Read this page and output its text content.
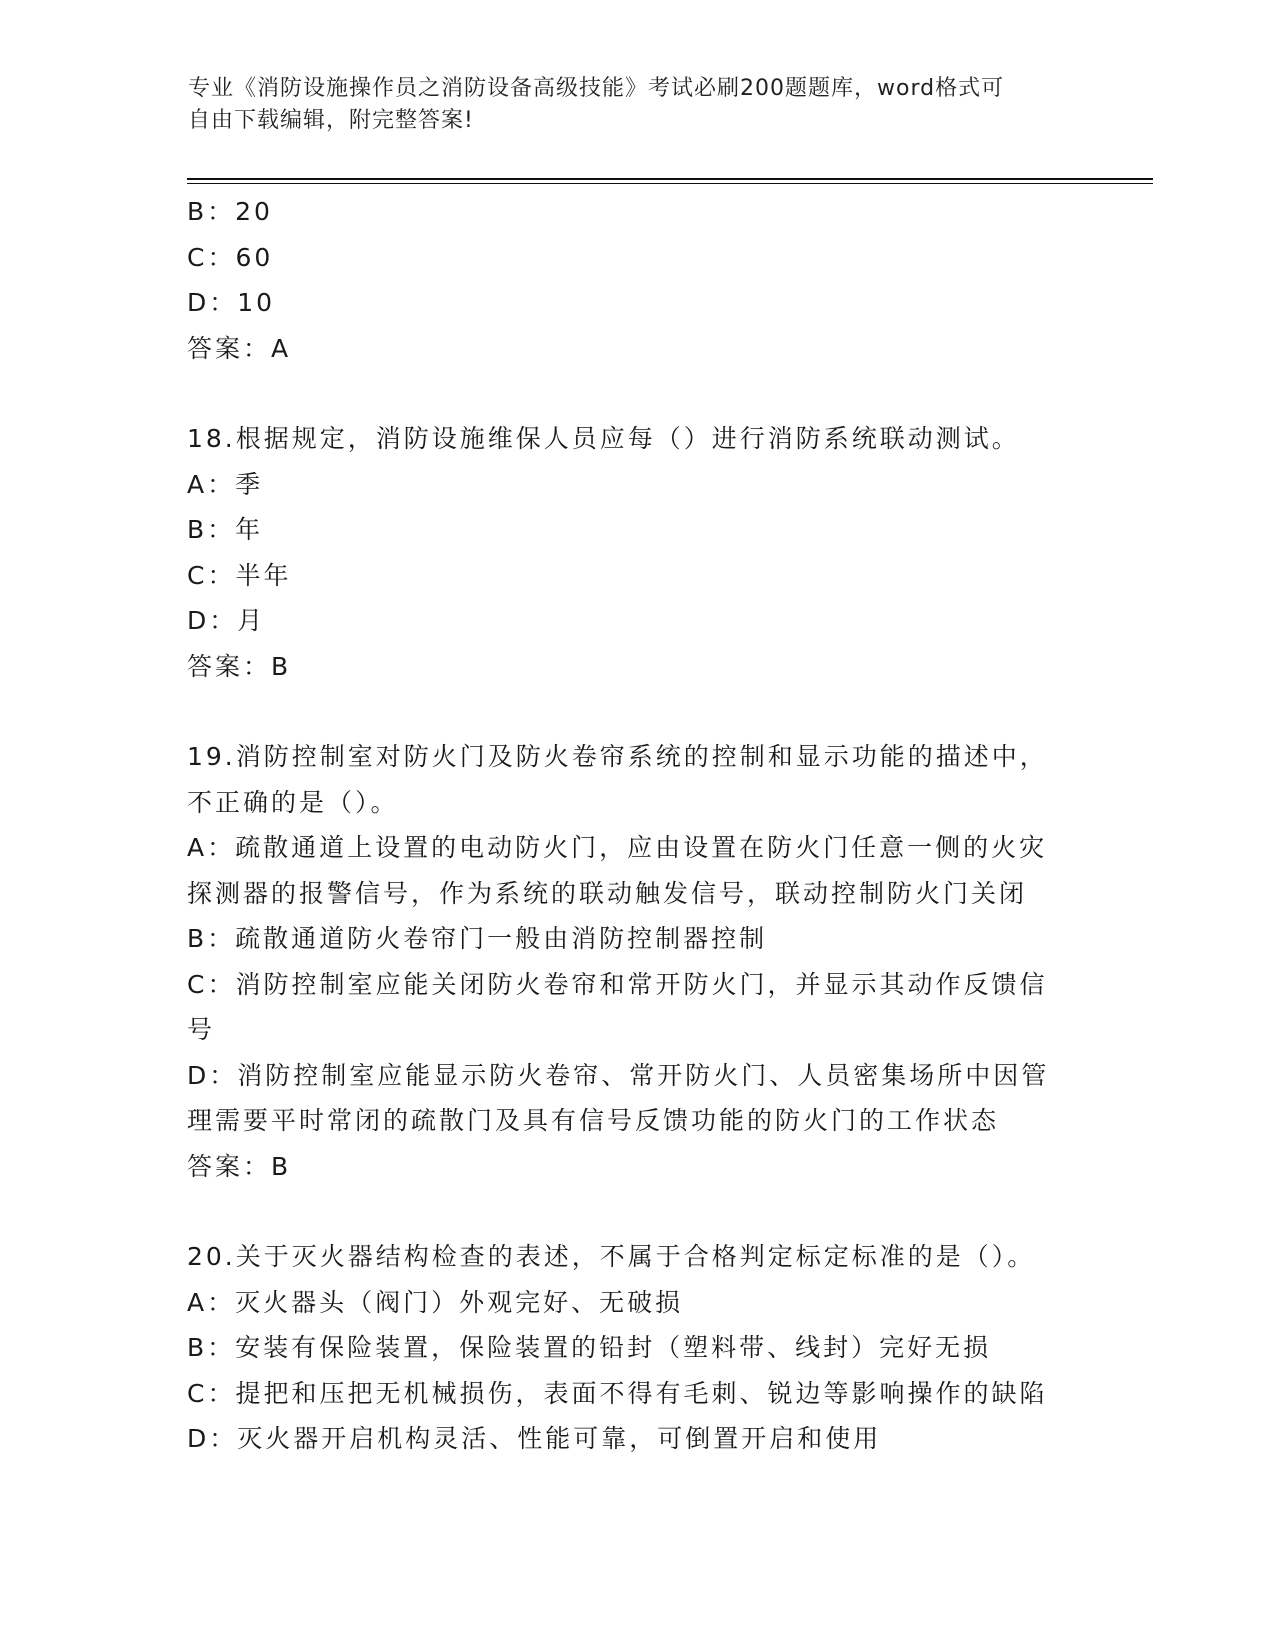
专业《消防设施操作员之消防设备高级技能》考试必刷200题题库，word格式可
自由下载编辑，附完整答案!

B：20

C：60

D：10

答案：A

18.根据规定，消防设施维保人员应每（）进行消防系统联动测试。

A：季

B：年

C：半年

D：月

答案：B

19.消防控制室对防火门及防火卷帘系统的控制和显示功能的描述中，

不正确的是（）。

A：疏散通道上设置的电动防火门，应由设置在防火门任意一侧的火灾

探测器的报警信号，作为系统的联动触发信号，联动控制防火门关闭

B：疏散通道防火卷帘门一般由消防控制器控制

C：消防控制室应能关闭防火卷帘和常开防火门，并显示其动作反馈信

号

D：消防控制室应能显示防火卷帘、常开防火门、人员密集场所中因管

理需要平时常闭的疏散门及具有信号反馈功能的防火门的工作状态

答案：B

20.关于灭火器结构检查的表述，不属于合格判定标定标准的是（）。

A：灭火器头（阀门）外观完好、无破损

B：安装有保险装置，保险装置的铅封（塑料带、线封）完好无损

C：提把和压把无机械损伤，表面不得有毛刺、锐边等影响操作的缺陷

D：灭火器开启机构灵活、性能可靠，可倒置开启和使用
